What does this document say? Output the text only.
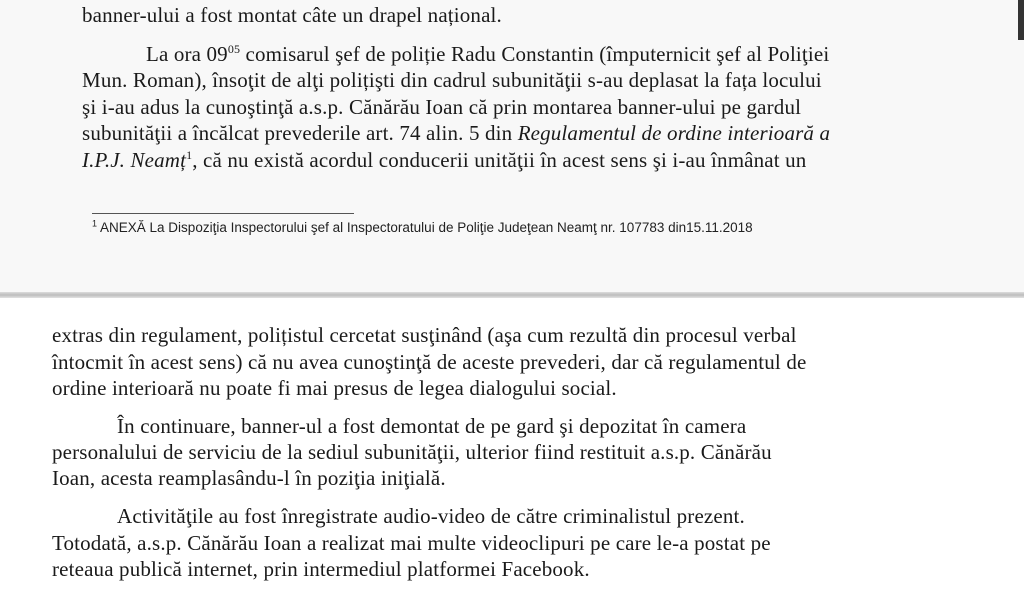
banner-ului a fost montat câte un drapel național.
La ora $09^{05}$ comisarul şef de poliție Radu Constantin (împuternicit şef al Poliţiei
Mun. Roman), însoţit de alţi polițişti din cadrul subunităţii s-au deplasat la fața locului
şi i-au adus la cunoştinţă a.s.p. Cănărău Ioan că prin montarea banner-ului pe gardul
subunităţii a încălcat prevederile art. 74 alin. 5 din Regulamentul de ordine interioară a
I.P.J. Neamț$^1$, că nu există acordul conducerii unităţii în acest sens şi i-au înmânat un
$^1$ ANEXĂ La Dispoziţia Inspectorului şef al Inspectoratului de Poliţie Judeţean Neamţ nr. 107783 din15.11.2018
extras din regulament, polițistul cercetat susţinând (aşa cum rezultă din procesul verbal
întocmit în acest sens) că nu avea cunoştinţă de aceste prevederi, dar că regulamentul de
ordine interioară nu poate fi mai presus de legea dialogului social.
În continuare, banner-ul a fost demontat de pe gard şi depozitat în camera
personalului de serviciu de la sediul subunităţii, ulterior fiind restituit a.s.p. Cănărău
Ioan, acesta reamplasându-l în poziţia iniţială.
Activităţile au fost înregistrate audio-video de către criminalistul prezent.
Totodată, a.s.p. Cănărău Ioan a realizat mai multe videoclipuri pe care le-a postat pe
reteaua publică internet, prin intermediul platformei Facebook.
